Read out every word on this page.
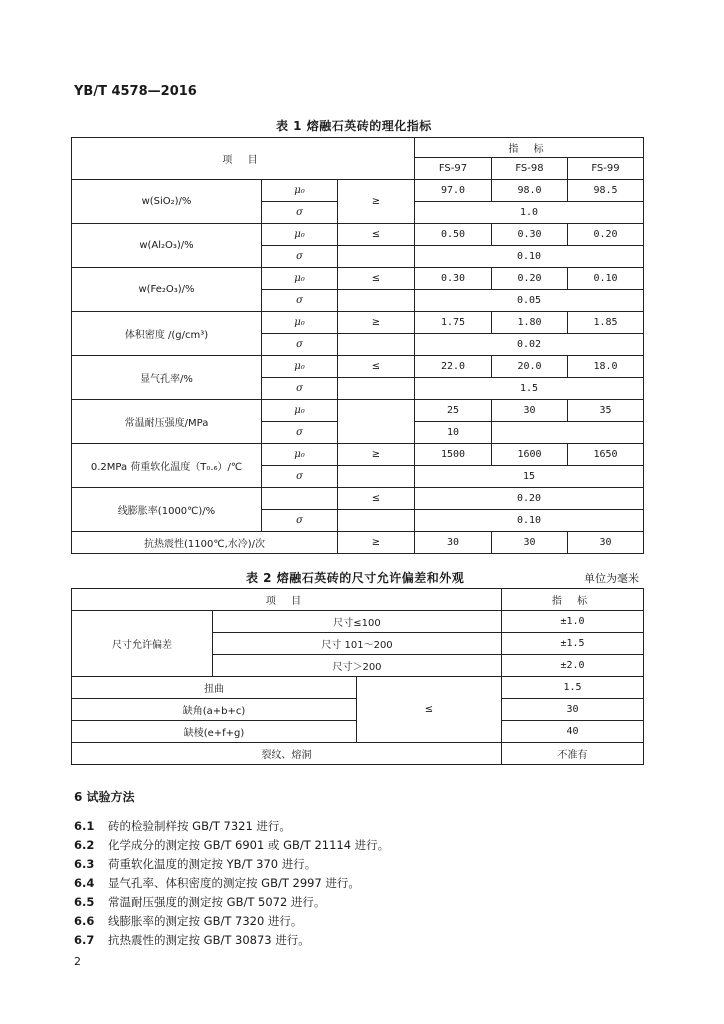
YB/T 4578—2016
表 1 熔融石英砖的理化指标
项 目			指 标		
			FS-97	FS-98	FS-99
w(SiO₂)/%	μ₀	≥	97.0	98.0	98.5
	σ		1.0		
w(Al₂O₃)/%	μ₀	≤	0.50	0.30	0.20
	σ		0.10		
w(Fe₂O₃)/%	μ₀	≤	0.30	0.20	0.10
	σ		0.05		
体积密度 /(g/cm³)	μ₀	≥	1.75	1.80	1.85
	σ		0.02		
显气孔率/%	μ₀	≤	22.0	20.0	18.0
	σ		1.5		
常温耐压强度/MPa	μ₀		25	30	35
	σ		10		
0.2MPa 荷重软化温度（T₀.₆）/℃	μ₀	≥	1500	1600	1650
	σ		15		
线膨胀率(1000℃)/%		≤	0.20		
	σ		0.10		
抗热震性(1100℃,水冷)/次		≥	30	30	30
表 2 熔融石英砖的尺寸允许偏差和外观	单位为毫米
项 目			指 标
尺寸允许偏差	尺寸≤100		±1.0
	尺寸 101～200		±1.5
	尺寸＞200		±2.0
扭曲		≤	1.5
缺角(a+b+c)			30
缺棱(e+f+g)			40
裂纹、熔洞			不准有
6 试验方法
6.1 砖的检验制样按 GB/T 7321 进行。
6.2 化学成分的测定按 GB/T 6901 或 GB/T 21114 进行。
6.3 荷重软化温度的测定按 YB/T 370 进行。
6.4 显气孔率、体积密度的测定按 GB/T 2997 进行。
6.5 常温耐压强度的测定按 GB/T 5072 进行。
6.6 线膨胀率的测定按 GB/T 7320 进行。
6.7 抗热震性的测定按 GB/T 30873 进行。
2
